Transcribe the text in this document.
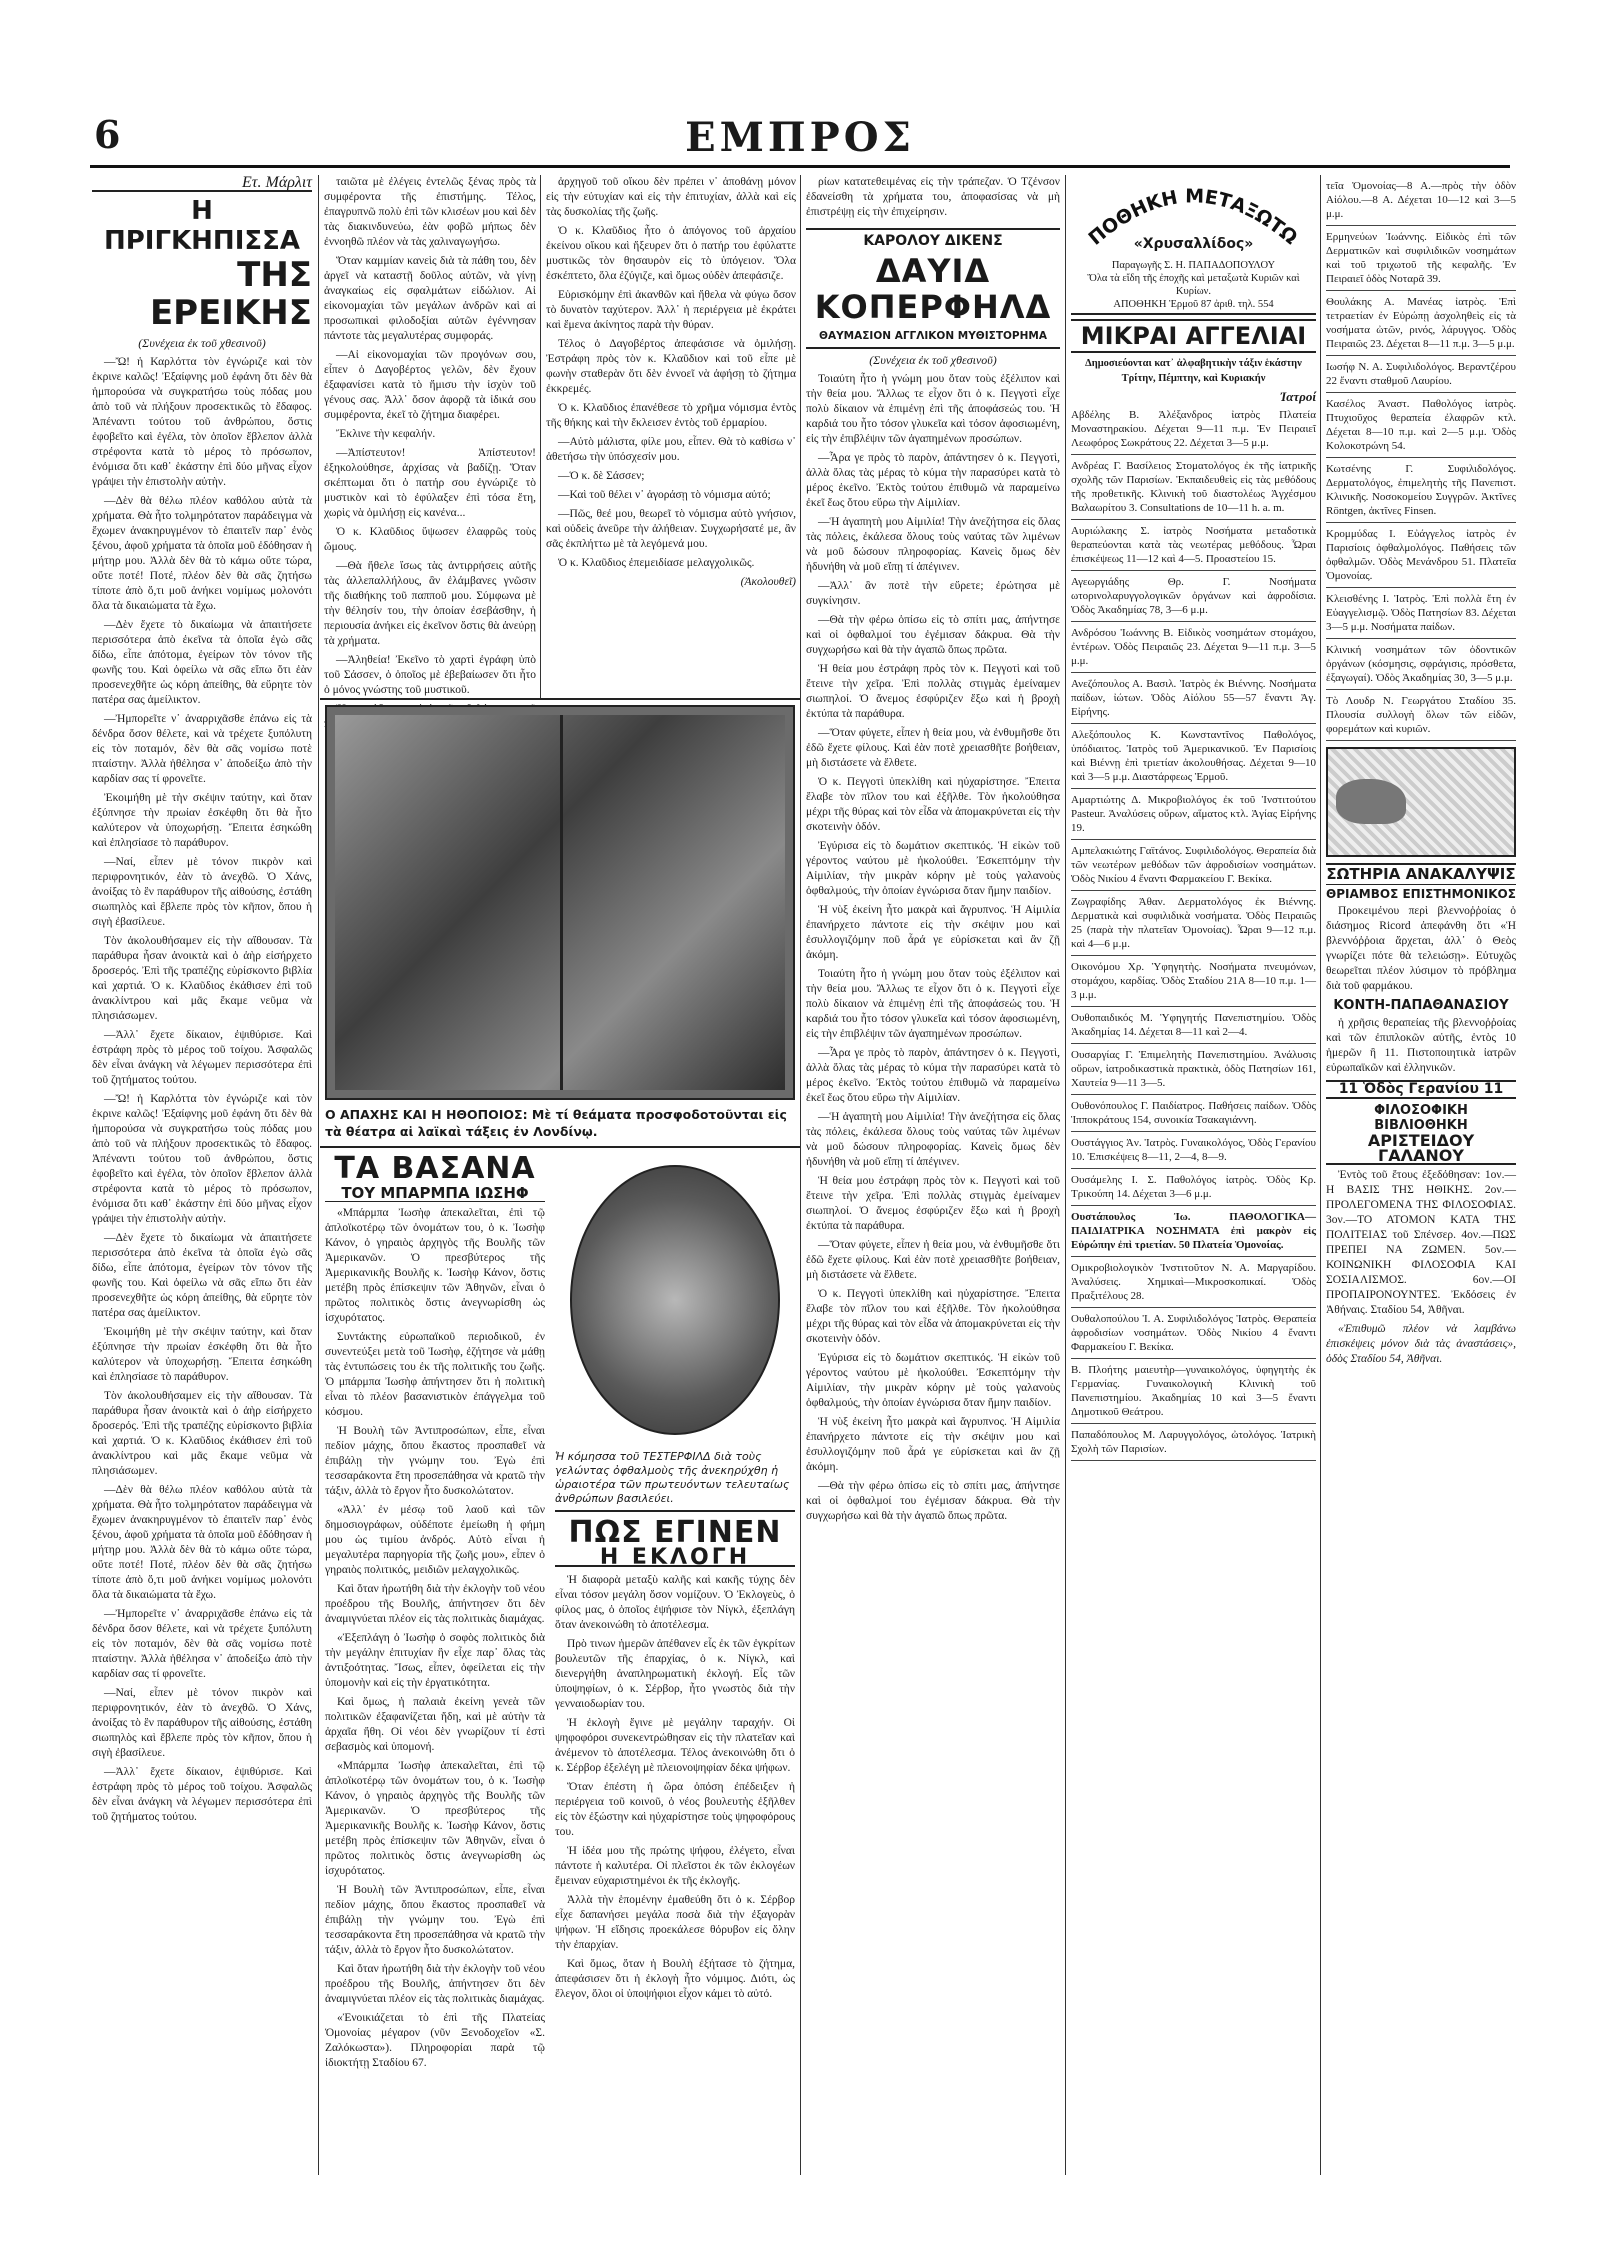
6	ΕΜΠΡΟΣ
Ετ. Μάρλιτ
Η ΠΡΙΓΚΗΠΙΣΣΑ
ΤΗΣ ΕΡΕΙΚΗΣ
(Συνέχεια ἐκ τοῦ χθεσινοῦ)

—Ὤ! ἡ Καρλόττα τὸν ἐγνώριζε καὶ τὸν ἐκρινε καλῶς! Ἐξαίφνης μοῦ ἐφάνη ὅτι δὲν θὰ ἠμπορούσα νὰ συγκρατήσω τοὺς πόδας μου ἀπὸ τοῦ νὰ πλήξουν προσεκτικῶς τὸ ἔδαφος. Ἀπέναντι τούτου τοῦ ἀνθρώπου, ὅστις ἐφοβεῖτο καὶ ἐγέλα, τὸν ὁποῖον ἔβλεπον ἀλλὰ στρέφοντα κατὰ τὸ μέρος τὸ πρόσωπον, ἐνόμισα ὅτι καθ᾿ ἑκάστην ἐπὶ δύο μῆνας εἶχον γράψει τὴν ἐπιστολὴν αὐτὴν.

—Δὲν θὰ θέλω πλέον καθόλου αὐτὰ τὰ χρήματα. Θὰ ἦτο τολμηρότατον παράδειγμα νὰ ἔχωμεν ἀνακηρυγμένον τὸ ἐπαιτεῖν παρ᾿ ἐνὸς ξένου, ἀφοῦ χρήματα τὰ ὁποῖα μοῦ ἐδόθησαν ἡ μήτηρ μου. Ἀλλὰ δὲν θὰ τὸ κάμω οὔτε τώρα, οὔτε ποτέ! Ποτέ, πλέον δὲν θὰ σᾶς ζητήσω τίποτε ἀπὸ ὅ,τι μοῦ ἀνήκει νομίμως μολονότι ὅλα τὰ δικαιώματα τὰ ἔχω.

—Δὲν ἔχετε τὸ δικαίωμα νὰ ἀπαιτήσετε περισσότερα ἀπὸ ἐκεῖνα τὰ ὁποῖα ἐγὼ σᾶς δίδω, εἶπε ἀπότομα, ἐγείρων τὸν τόνον τῆς φωνῆς του. Καὶ ὀφείλω νὰ σᾶς εἴπω ὅτι ἐὰν προσενεχθῆτε ὡς κόρη ἀπείθης, θὰ εὕρητε τὸν πατέρα σας ἀμείλικτον.

—Ἠμπορεῖτε ν᾿ ἀναρριχᾶσθε ἐπάνω εἰς τὰ δένδρα ὅσον θέλετε, καὶ νὰ τρέχετε ξυπόλυτη εἰς τὸν ποταμόν, δὲν θὰ σᾶς νομίσω ποτὲ πταίστην. Ἀλλὰ ἠθέλησα ν᾿ ἀποδείξω ἀπὸ τὴν καρδίαν σας τί φρονεῖτε.

Ἐκοιμήθη μὲ τὴν σκέψιν ταύτην, καὶ ὅταν ἐξύπνησε τὴν πρωίαν ἐσκέφθη ὅτι θὰ ἦτο καλύτερον νὰ ὑποχωρήσῃ. Ἔπειτα ἐσηκώθη καὶ ἐπλησίασε τὸ παράθυρον.

—Ναί, εἶπεν μὲ τόνον πικρὸν καὶ περιφρονητικόν, ἐὰν τὸ ἀνεχθῶ. Ὁ Χάνς, ἀνοίξας τὸ ἓν παράθυρον τῆς αἰθούσης, ἐστάθη σιωπηλὸς καὶ ἔβλεπε πρὸς τὸν κῆπον, ὅπου ἡ σιγὴ ἐβασίλευε.

Τὸν ἀκολουθήσαμεν εἰς τὴν αἴθουσαν. Τὰ παράθυρα ἦσαν ἀνοικτὰ καὶ ὁ ἀὴρ εἰσήρχετο δροσερός. Ἐπὶ τῆς τραπέζης εὑρίσκοντο βιβλία καὶ χαρτιά. Ὁ κ. Κλαῦδιος ἐκάθισεν ἐπὶ τοῦ ἀνακλίντρου καὶ μᾶς ἔκαμε νεῦμα νὰ πλησιάσωμεν.

—Ἀλλ᾿ ἔχετε δίκαιον, ἐψιθύρισε. Καὶ ἐστράφη πρὸς τὸ μέρος τοῦ τοίχου. Ἀσφαλῶς δὲν εἶναι ἀνάγκη νὰ λέγωμεν περισσότερα ἐπὶ τοῦ ζητήματος τούτου.

—Ὤ! ἡ Καρλόττα τὸν ἐγνώριζε καὶ τὸν ἐκρινε καλῶς! Ἐξαίφνης μοῦ ἐφάνη ὅτι δὲν θὰ ἠμπορούσα νὰ συγκρατήσω τοὺς πόδας μου ἀπὸ τοῦ νὰ πλήξουν προσεκτικῶς τὸ ἔδαφος. Ἀπέναντι τούτου τοῦ ἀνθρώπου, ὅστις ἐφοβεῖτο καὶ ἐγέλα, τὸν ὁποῖον ἔβλεπον ἀλλὰ στρέφοντα κατὰ τὸ μέρος τὸ πρόσωπον, ἐνόμισα ὅτι καθ᾿ ἑκάστην ἐπὶ δύο μῆνας εἶχον γράψει τὴν ἐπιστολὴν αὐτὴν.

—Δὲν ἔχετε τὸ δικαίωμα νὰ ἀπαιτήσετε περισσότερα ἀπὸ ἐκεῖνα τὰ ὁποῖα ἐγὼ σᾶς δίδω, εἶπε ἀπότομα, ἐγείρων τὸν τόνον τῆς φωνῆς του. Καὶ ὀφείλω νὰ σᾶς εἴπω ὅτι ἐὰν προσενεχθῆτε ὡς κόρη ἀπείθης, θὰ εὕρητε τὸν πατέρα σας ἀμείλικτον.

Ἐκοιμήθη μὲ τὴν σκέψιν ταύτην, καὶ ὅταν ἐξύπνησε τὴν πρωίαν ἐσκέφθη ὅτι θὰ ἦτο καλύτερον νὰ ὑποχωρήσῃ. Ἔπειτα ἐσηκώθη καὶ ἐπλησίασε τὸ παράθυρον.

Τὸν ἀκολουθήσαμεν εἰς τὴν αἴθουσαν. Τὰ παράθυρα ἦσαν ἀνοικτὰ καὶ ὁ ἀὴρ εἰσήρχετο δροσερός. Ἐπὶ τῆς τραπέζης εὑρίσκοντο βιβλία καὶ χαρτιά. Ὁ κ. Κλαῦδιος ἐκάθισεν ἐπὶ τοῦ ἀνακλίντρου καὶ μᾶς ἔκαμε νεῦμα νὰ πλησιάσωμεν.

—Δὲν θὰ θέλω πλέον καθόλου αὐτὰ τὰ χρήματα. Θὰ ἦτο τολμηρότατον παράδειγμα νὰ ἔχωμεν ἀνακηρυγμένον τὸ ἐπαιτεῖν παρ᾿ ἐνὸς ξένου, ἀφοῦ χρήματα τὰ ὁποῖα μοῦ ἐδόθησαν ἡ μήτηρ μου. Ἀλλὰ δὲν θὰ τὸ κάμω οὔτε τώρα, οὔτε ποτέ! Ποτέ, πλέον δὲν θὰ σᾶς ζητήσω τίποτε ἀπὸ ὅ,τι μοῦ ἀνήκει νομίμως μολονότι ὅλα τὰ δικαιώματα τὰ ἔχω.

—Ἠμπορεῖτε ν᾿ ἀναρριχᾶσθε ἐπάνω εἰς τὰ δένδρα ὅσον θέλετε, καὶ νὰ τρέχετε ξυπόλυτη εἰς τὸν ποταμόν, δὲν θὰ σᾶς νομίσω ποτὲ πταίστην. Ἀλλὰ ἠθέλησα ν᾿ ἀποδείξω ἀπὸ τὴν καρδίαν σας τί φρονεῖτε.

—Ναί, εἶπεν μὲ τόνον πικρὸν καὶ περιφρονητικόν, ἐὰν τὸ ἀνεχθῶ. Ὁ Χάνς, ἀνοίξας τὸ ἓν παράθυρον τῆς αἰθούσης, ἐστάθη σιωπηλὸς καὶ ἔβλεπε πρὸς τὸν κῆπον, ὅπου ἡ σιγὴ ἐβασίλευε.

—Ἀλλ᾿ ἔχετε δίκαιον, ἐψιθύρισε. Καὶ ἐστράφη πρὸς τὸ μέρος τοῦ τοίχου. Ἀσφαλῶς δὲν εἶναι ἀνάγκη νὰ λέγωμεν περισσότερα ἐπὶ τοῦ ζητήματος τούτου.

ταιῶτα μὲ ἐλέγεις ἐντελῶς ξένας πρὸς τὰ συμφέροντα τῆς ἐπιστήμης. Τέλος, ἐπαγρυπνῶ πολὺ ἐπὶ τῶν κλισέων μου καὶ δὲν τὰς διακινδυνεύω, ἐὰν φοβῶ μήπως δὲν ἐννοηθῶ πλέον νὰ τὰς χαλιναγωγήσω.

Ὅταν καμμίαν κανεὶς διὰ τὰ πάθη του, δὲν ἀργεῖ νὰ καταστῇ δοῦλος αὐτῶν, νὰ γίνῃ ἀναγκαίως εἰς σφαλμάτων εἰδώλιον. Αἱ εἰκονομαχίαι τῶν μεγάλων ἀνδρῶν καὶ αἱ προσωπικαὶ φιλοδοξίαι αὐτῶν ἐγέννησαν πάντοτε τὰς μεγαλυτέρας συμφοράς.

—Αἱ εἰκονομαχίαι τῶν προγόνων σου, εἶπεν ὁ Δαγοβέρτος γελῶν, δὲν ἔχουν ἐξαφανίσει κατὰ τὸ ἥμισυ τὴν ἰσχὺν τοῦ γένους σας. Ἀλλ᾿ ὅσον ἀφορᾷ τὰ ἰδικά σου συμφέροντα, ἐκεῖ τὸ ζήτημα διαφέρει.

Ἔκλινε τὴν κεφαλήν.

—Ἀπίστευτον! Ἀπίστευτον! ἐξηκολούθησε, ἀρχίσας νὰ βαδίζῃ. Ὅταν σκέπτωμαι ὅτι ὁ πατήρ σου ἐγνώριζε τὸ μυστικὸν καὶ τὸ ἐφύλαξεν ἐπὶ τόσα ἔτη, χωρὶς νὰ ὁμιλήσῃ εἰς κανένα...

Ὁ κ. Κλαῦδιος ὕψωσεν ἐλαφρῶς τοὺς ὤμους.

—Θὰ ἤθελε ἴσως τὰς ἀντιρρήσεις αὐτῆς τὰς ἀλλεπαλλήλους, ἂν ἐλάμβανες γνῶσιν τῆς διαθήκης τοῦ παπποῦ μου. Σύμφωνα μὲ τὴν θέλησίν του, τὴν ὁποίαν ἐσεβάσθην, ἡ περιουσία ἀνήκει εἰς ἐκεῖνον ὅστις θὰ ἀνεύρῃ τὰ χρήματα.

—Ἀληθεία! Ἐκεῖνο τὸ χαρτὶ ἐγράφη ὑπὸ τοῦ Σάσσεν, ὁ ὁποῖος μὲ ἐβεβαίωσεν ὅτι ἦτο ὁ μόνος γνώστης τοῦ μυστικοῦ.

ἀρχηγοῦ τοῦ οἴκου δὲν πρέπει ν᾿ ἀποθάνῃ μόνον εἰς τὴν εὐτυχίαν καὶ εἰς τὴν ἐπιτυχίαν, ἀλλὰ καὶ εἰς τὰς δυσκολίας τῆς ζωῆς.

Ὁ κ. Κλαῦδιος ἦτο ὁ ἀπόγονος τοῦ ἀρχαίου ἐκείνου οἴκου καὶ ἤξευρεν ὅτι ὁ πατήρ του ἐφύλαττε μυστικῶς τὸν θησαυρὸν εἰς τὸ ὑπόγειον. Ὅλα ἐσκέπτετο, ὅλα ἐζύγιζε, καὶ ὅμως οὐδὲν ἀπεφάσιζε.

Εὑρισκόμην ἐπὶ ἀκανθῶν καὶ ἤθελα νὰ φύγω ὅσον τὸ δυνατὸν ταχύτερον. Ἀλλ᾿ ἡ περιέργεια μὲ ἐκράτει καὶ ἔμενα ἀκίνητος παρὰ τὴν θύραν.

Τέλος ὁ Δαγοβέρτος ἀπεφάσισε νὰ ὁμιλήσῃ. Ἐστράφη πρὸς τὸν κ. Κλαῦδιον καὶ τοῦ εἶπε μὲ φωνὴν σταθερὰν ὅτι δὲν ἐννοεῖ νὰ ἀφήσῃ τὸ ζήτημα ἐκκρεμές.

Ὁ κ. Κλαῦδιος ἐπανέθεσε τὸ χρῆμα νόμισμα ἐντὸς τῆς θήκης καὶ τὴν ἔκλεισεν ἐντὸς τοῦ ἐρμαρίου.

—Αὐτὸ μάλιστα, φίλε μου, εἶπεν. Θὰ τὸ καθίσω ν᾿ ἀθετήσω τὴν ὑπόσχεσίν μου.

—Ὁ κ. δὲ Σάσσεν;

—Καὶ τοῦ θέλει ν᾿ ἀγοράσῃ τὸ νόμισμα αὐτό;

—Πῶς, θεέ μου, θεωρεῖ τὸ νόμισμα αὐτὸ γνήσιον, καὶ οὐδεὶς ἀνεῦρε τὴν ἀλήθειαν. Συγχωρήσατέ με, ἂν σᾶς ἐκπλήττω μὲ τὰ λεγόμενά μου.

Ὁ κ. Κλαῦδιος ἐπεμειδίασε μελαγχολικῶς.

(Ἀκολουθεῖ)
Ο ΑΠΑΧΗΣ ΚΑΙ Η ΗΘΟΠΟΙΟΣ: Μὲ τί θεάματα προσφοδοτοῦνται εἰς τὰ θέατρα αἱ λαϊκαὶ τάξεις ἐν Λονδίνῳ.
ΤΑ ΒΑΣΑΝΑ
ΤΟΥ ΜΠΑΡΜΠΑ ΙΩΣΗΦ

«Μπάρμπα Ἰωσὴφ ἀπεκαλεῖται, ἐπὶ τῷ ἀπλοϊκοτέρῳ τῶν ὀνομάτων του, ὁ κ. Ἰωσὴφ Κάνον, ὁ γηραιὸς ἀρχηγὸς τῆς Βουλῆς τῶν Ἀμερικανῶν. Ὁ πρεσβύτερος τῆς Ἀμερικανικῆς Βουλῆς κ. Ἰωσὴφ Κάνον, ὅστις μετέβη πρὸς ἐπίσκεψιν τῶν Ἀθηνῶν, εἶναι ὁ πρῶτος πολιτικὸς ὅστις ἀνεγνωρίσθη ὡς ἰσχυρότατος.

Συντάκτης εὐρωπαϊκοῦ περιοδικοῦ, ἐν συνεντεύξει μετὰ τοῦ Ἰωσὴφ, ἐζήτησε νὰ μάθῃ τὰς ἐντυπώσεις του ἐκ τῆς πολιτικῆς του ζωῆς. Ὁ μπάρμπα Ἰωσὴφ ἀπήντησεν ὅτι ἡ πολιτικὴ εἶναι τὸ πλέον βασανιστικὸν ἐπάγγελμα τοῦ κόσμου.

Ἡ Βουλὴ τῶν Ἀντιπροσώπων, εἶπε, εἶναι πεδίον μάχης, ὅπου ἕκαστος προσπαθεῖ νὰ ἐπιβάλῃ τὴν γνώμην του. Ἐγὼ ἐπὶ τεσσαράκοντα ἔτη προσεπάθησα νὰ κρατῶ τὴν τάξιν, ἀλλὰ τὸ ἔργον ἦτο δυσκολώτατον.

«Ἀλλ᾿ ἐν μέσῳ τοῦ λαοῦ καὶ τῶν δημοσιογράφων, οὐδέποτε ἐμείωθη ἡ φήμη μου ὡς τιμίου ἀνδρός. Αὐτὸ εἶναι ἡ μεγαλυτέρα παρηγορία τῆς ζωῆς μου», εἶπεν ὁ γηραιὸς πολιτικός, μειδιῶν μελαγχολικῶς.

Καὶ ὅταν ἠρωτήθη διὰ τὴν ἐκλογὴν τοῦ νέου προέδρου τῆς Βουλῆς, ἀπήντησεν ὅτι δὲν ἀναμιγνύεται πλέον εἰς τὰς πολιτικὰς διαμάχας.

«Ἐξεπλάγη ὁ Ἰωσὴφ ὁ σοφὸς πολιτικὸς διὰ τὴν μεγάλην ἐπιτυχίαν ἣν εἶχε παρ᾿ ὅλας τὰς ἀντιξοότητας. Ἴσως, εἶπεν, ὀφείλεται εἰς τὴν ὑπομονὴν καὶ εἰς τὴν ἐργατικότητα.

Καὶ ὅμως, ἡ παλαιὰ ἐκείνη γενεὰ τῶν πολιτικῶν ἐξαφανίζεται ἤδη, καὶ μὲ αὐτὴν τὰ ἀρχαῖα ἤθη. Οἱ νέοι δὲν γνωρίζουν τί ἐστὶ σεβασμὸς καὶ ὑπομονή.

«Μπάρμπα Ἰωσὴφ ἀπεκαλεῖται, ἐπὶ τῷ ἀπλοϊκοτέρῳ τῶν ὀνομάτων του, ὁ κ. Ἰωσὴφ Κάνον, ὁ γηραιὸς ἀρχηγὸς τῆς Βουλῆς τῶν Ἀμερικανῶν. Ὁ πρεσβύτερος τῆς Ἀμερικανικῆς Βουλῆς κ. Ἰωσὴφ Κάνον, ὅστις μετέβη πρὸς ἐπίσκεψιν τῶν Ἀθηνῶν, εἶναι ὁ πρῶτος πολιτικὸς ὅστις ἀνεγνωρίσθη ὡς ἰσχυρότατος.

Ἡ Βουλὴ τῶν Ἀντιπροσώπων, εἶπε, εἶναι πεδίον μάχης, ὅπου ἕκαστος προσπαθεῖ νὰ ἐπιβάλῃ τὴν γνώμην του. Ἐγὼ ἐπὶ τεσσαράκοντα ἔτη προσεπάθησα νὰ κρατῶ τὴν τάξιν, ἀλλὰ τὸ ἔργον ἦτο δυσκολώτατον.

Καὶ ὅταν ἠρωτήθη διὰ τὴν ἐκλογὴν τοῦ νέου προέδρου τῆς Βουλῆς, ἀπήντησεν ὅτι δὲν ἀναμιγνύεται πλέον εἰς τὰς πολιτικὰς διαμάχας.

«Ἐνοικιάζεται τὸ ἐπὶ τῆς Πλατείας Ὁμονοίας μέγαρον (νῦν Ξενοδοχεῖον «Σ. Ζαλόκωστα»). Πληροφορίαι παρὰ τῷ ἰδιοκτήτῃ Σταδίου 67.

Ἡ κόμησσα τοῦ ΤΕΣΤΕΡΦΙΛΔ διὰ τοὺς γελώντας ὀφθαλμοὺς τῆς ἀνεκηρύχθη ἡ ὡραιοτέρα τῶν πρωτευόντων τελευταίως ἀνθρώπων βασιλεύει.
ΠΩΣ ΕΓΙΝΕΝ
Η ΕΚΛΟΓΗ

Ἡ διαφορὰ μεταξὺ καλῆς καὶ κακῆς τύχης δὲν εἶναι τόσον μεγάλη ὅσον νομίζουν. Ὁ Ἐκλογεὺς, ὁ φίλος μας, ὁ ὁποῖος ἐψήφισε τὸν Νίγκλ, ἐξεπλάγη ὅταν ἀνεκοινώθη τὸ ἀποτέλεσμα.

Πρὸ τινων ἡμερῶν ἀπέθανεν εἷς ἐκ τῶν ἐγκρίτων βουλευτῶν τῆς ἐπαρχίας, ὁ κ. Νίγκλ, καὶ διενεργήθη ἀναπληρωματικὴ ἐκλογή. Εἷς τῶν ὑποψηφίων, ὁ κ. Σέρβορ, ἦτο γνωστὸς διὰ τὴν γενναιοδωρίαν του.

Ἡ ἐκλογὴ ἔγινε μὲ μεγάλην ταραχήν. Οἱ ψηφοφόροι συνεκεντρώθησαν εἰς τὴν πλατεῖαν καὶ ἀνέμενον τὸ ἀποτέλεσμα. Τέλος ἀνεκοινώθη ὅτι ὁ κ. Σέρβορ ἐξελέγη μὲ πλειονοψηφίαν δέκα ψήφων.

Ὅταν ἐπέστη ἡ ὥρα ὁπόση ἐπέδειξεν ἡ περιέργεια τοῦ κοινοῦ, ὁ νέος βουλευτὴς ἐξῆλθεν εἰς τὸν ἐξώστην καὶ ηὐχαρίστησε τοὺς ψηφοφόρους του.

Ἡ ἰδέα μου τῆς πρώτης ψήφου, ἐλέγετο, εἶναι πάντοτε ἡ καλυτέρα. Οἱ πλεῖστοι ἐκ τῶν ἐκλογέων ἔμειναν εὐχαριστημένοι ἐκ τῆς ἐκλογῆς.

Ἀλλὰ τὴν ἑπομένην ἐμαθεύθη ὅτι ὁ κ. Σέρβορ εἶχε δαπανήσει μεγάλα ποσὰ διὰ τὴν ἐξαγορὰν ψήφων. Ἡ εἴδησις προεκάλεσε θόρυβον εἰς ὅλην τὴν ἐπαρχίαν.

Καὶ ὅμως, ὅταν ἡ Βουλὴ ἐξήτασε τὸ ζήτημα, ἀπεφάσισεν ὅτι ἡ ἐκλογὴ ἦτο νόμιμος. Διότι, ὡς ἔλεγον, ὅλοι οἱ ὑποψήφιοι εἶχον κάμει τὸ αὐτό.

ρίων κατατεθειμένας εἰς τὴν τράπεζαν. Ὁ Τζένσον ἐδανείσθη τὰ χρήματα του, ἀποφασίσας νὰ μὴ ἐπιστρέψῃ εἰς τὴν ἐπιχείρησιν.

ΚΑΡΟΛΟΥ ΔΙΚΕΝΣ
ΔΑΥΙΔ ΚΟΠΕΡΦΗΛΔ
ΘΑΥΜΑΣΙΟΝ ΑΓΓΛΙΚΟΝ ΜΥΘΙΣΤΟΡΗΜΑ
(Συνέχεια ἐκ τοῦ χθεσινοῦ)

Τοιαύτη ἦτο ἡ γνώμη μου ὅταν τοὺς ἐξέλιπον καὶ τὴν θεία μου. Ἄλλως τε εἶχον ὅτι ὁ κ. Πεγγοτὶ εἶχε πολὺ δίκαιον νὰ ἐπιμένῃ ἐπὶ τῆς ἀποφάσεώς του. Ἡ καρδιά του ἦτο τόσον γλυκεῖα καὶ τόσον ἀφοσιωμένη, εἰς τὴν ἐπιβλέψιν τῶν ἀγαπημένων προσώπων.

—Ἆρα γε πρὸς τὸ παρὸν, ἀπάντησεν ὁ κ. Πεγγοτὶ, ἀλλὰ ὅλας τὰς μέρας τὸ κύμα τὴν παρασύρει κατὰ τὸ μέρος ἐκεῖνο. Ἐκτὸς τούτου ἐπιθυμῶ νὰ παραμείνω ἐκεῖ ἕως ὅτου εὕρω τὴν Αἰμιλίαν.

—Ἡ ἀγαπητὴ μου Αἰμιλία! Τὴν ἀνεζήτησα εἰς ὅλας τὰς πόλεις, ἐκάλεσα ὅλους τοὺς ναύτας τῶν λιμένων νὰ μοῦ δώσουν πληροφορίας. Κανεὶς ὅμως δὲν ἠδυνήθη νὰ μοῦ εἴπῃ τί ἀπέγινεν.

—Ἀλλ᾿ ἂν ποτὲ τὴν εὕρετε; ἐρώτησα μὲ συγκίνησιν.

—Θὰ τὴν φέρω ὀπίσω εἰς τὸ σπίτι μας, ἀπήντησε καὶ οἱ ὀφθαλμοί του ἐγέμισαν δάκρυα. Θὰ τὴν συγχωρήσω καὶ θὰ τὴν ἀγαπῶ ὅπως πρῶτα.

Ἡ θεία μου ἐστράφη πρὸς τὸν κ. Πεγγοτὶ καὶ τοῦ ἔτεινε τὴν χεῖρα. Ἐπὶ πολλὰς στιγμὰς ἐμείναμεν σιωπηλοί. Ὁ ἄνεμος ἐσφύριζεν ἔξω καὶ ἡ βροχὴ ἐκτύπα τὰ παράθυρα.

—Ὅταν φύγετε, εἶπεν ἡ θεία μου, νὰ ἐνθυμῆσθε ὅτι ἐδῶ ἔχετε φίλους. Καὶ ἐὰν ποτὲ χρειασθῆτε βοήθειαν, μὴ διστάσετε νὰ ἔλθετε.

Ὁ κ. Πεγγοτὶ ὑπεκλίθη καὶ ηὐχαρίστησε. Ἔπειτα ἔλαβε τὸν πῖλον του καὶ ἐξῆλθε. Τὸν ἠκολούθησα μέχρι τῆς θύρας καὶ τὸν εἶδα νὰ ἀπομακρύνεται εἰς τὴν σκοτεινὴν ὁδόν.

Ἐγύρισα εἰς τὸ δωμάτιον σκεπτικός. Ἡ εἰκὼν τοῦ γέροντος ναύτου μὲ ἠκολούθει. Ἐσκεπτόμην τὴν Αἰμιλίαν, τὴν μικρὰν κόρην μὲ τοὺς γαλανοὺς ὀφθαλμούς, τὴν ὁποίαν ἐγνώρισα ὅταν ἤμην παιδίον.

Ἡ νὺξ ἐκείνη ἦτο μακρὰ καὶ ἄγρυπνος. Ἡ Αἰμιλία ἐπανήρχετο πάντοτε εἰς τὴν σκέψιν μου καὶ ἐσυλλογιζόμην ποῦ ἆρά γε εὑρίσκεται καὶ ἂν ζῇ ἀκόμη.

Τοιαύτη ἦτο ἡ γνώμη μου ὅταν τοὺς ἐξέλιπον καὶ τὴν θεία μου. Ἄλλως τε εἶχον ὅτι ὁ κ. Πεγγοτὶ εἶχε πολὺ δίκαιον νὰ ἐπιμένῃ ἐπὶ τῆς ἀποφάσεώς του. Ἡ καρδιά του ἦτο τόσον γλυκεῖα καὶ τόσον ἀφοσιωμένη, εἰς τὴν ἐπιβλέψιν τῶν ἀγαπημένων προσώπων.

—Ἆρα γε πρὸς τὸ παρὸν, ἀπάντησεν ὁ κ. Πεγγοτὶ, ἀλλὰ ὅλας τὰς μέρας τὸ κύμα τὴν παρασύρει κατὰ τὸ μέρος ἐκεῖνο. Ἐκτὸς τούτου ἐπιθυμῶ νὰ παραμείνω ἐκεῖ ἕως ὅτου εὕρω τὴν Αἰμιλίαν.

—Ἡ ἀγαπητὴ μου Αἰμιλία! Τὴν ἀνεζήτησα εἰς ὅλας τὰς πόλεις, ἐκάλεσα ὅλους τοὺς ναύτας τῶν λιμένων νὰ μοῦ δώσουν πληροφορίας. Κανεὶς ὅμως δὲν ἠδυνήθη νὰ μοῦ εἴπῃ τί ἀπέγινεν.

Ἡ θεία μου ἐστράφη πρὸς τὸν κ. Πεγγοτὶ καὶ τοῦ ἔτεινε τὴν χεῖρα. Ἐπὶ πολλὰς στιγμὰς ἐμείναμεν σιωπηλοί. Ὁ ἄνεμος ἐσφύριζεν ἔξω καὶ ἡ βροχὴ ἐκτύπα τὰ παράθυρα.

—Ὅταν φύγετε, εἶπεν ἡ θεία μου, νὰ ἐνθυμῆσθε ὅτι ἐδῶ ἔχετε φίλους. Καὶ ἐὰν ποτὲ χρειασθῆτε βοήθειαν, μὴ διστάσετε νὰ ἔλθετε.

Ὁ κ. Πεγγοτὶ ὑπεκλίθη καὶ ηὐχαρίστησε. Ἔπειτα ἔλαβε τὸν πῖλον του καὶ ἐξῆλθε. Τὸν ἠκολούθησα μέχρι τῆς θύρας καὶ τὸν εἶδα νὰ ἀπομακρύνεται εἰς τὴν σκοτεινὴν ὁδόν.

Ἐγύρισα εἰς τὸ δωμάτιον σκεπτικός. Ἡ εἰκὼν τοῦ γέροντος ναύτου μὲ ἠκολούθει. Ἐσκεπτόμην τὴν Αἰμιλίαν, τὴν μικρὰν κόρην μὲ τοὺς γαλανοὺς ὀφθαλμούς, τὴν ὁποίαν ἐγνώρισα ὅταν ἤμην παιδίον.

Ἡ νὺξ ἐκείνη ἦτο μακρὰ καὶ ἄγρυπνος. Ἡ Αἰμιλία ἐπανήρχετο πάντοτε εἰς τὴν σκέψιν μου καὶ ἐσυλλογιζόμην ποῦ ἆρά γε εὑρίσκεται καὶ ἂν ζῇ ἀκόμη.

—Θὰ τὴν φέρω ὀπίσω εἰς τὸ σπίτι μας, ἀπήντησε καὶ οἱ ὀφθαλμοί του ἐγέμισαν δάκρυα. Θὰ τὴν συγχωρήσω καὶ θὰ τὴν ἀγαπῶ ὅπως πρῶτα.

ΠΟΘΗΚΗ ΜΕΤΑΞΩΤΩ
«Χρυσαλλίδος»
Παραγωγῆς Σ. Η. ΠΑΠΑΔΟΠΟΥΛΟΥ
Ὅλα τὰ εἴδη τῆς ἐποχῆς καὶ μεταξωτὰ Κυριῶν καὶ Κυρίων.
ΑΠΟΘΗΚΗ Ἑρμοῦ 87 ἀριθ. τηλ. 554
ΜΙΚΡΑΙ ΑΓΓΕΛΙΑΙ
Δημοσιεύονται κατ᾿ ἀλφαβητικὴν τάξιν ἑκάστην Τρίτην, Πέμπτην, καὶ Κυριακήν
Ἰατροί
Αβδέλης Β. Ἀλέξανδρος ἰατρὸς Πλατεία Μοναστηρακίου. Δέχεται 9—11 π.μ. Ἐν Πειραιεῖ Λεωφόρος Σωκράτους 22. Δέχεται 3—5 μ.μ.
Ανδρέας Γ. Βασίλειος Στοματολόγος ἐκ τῆς ἰατρικῆς σχολῆς τῶν Παρισίων. Ἐκπαιδευθεὶς εἰς τὰς μεθόδους τῆς προθετικῆς. Κλινικὴ τοῦ διαστολέως Ἀγχέσμου Βαλαωρίτου 3. Consultations de 10—11 h. a. m.
Αυριώλακης Σ. ἰατρὸς Νοσήματα μεταδοτικὰ θεραπεύονται κατὰ τὰς νεωτέρας μεθόδους. Ὧραι ἐπισκέψεως 11—12 καὶ 4—5. Προαστείου 15.
Αγεωργιάδης Θρ. Γ. Νοσήματα ωτορινολαρυγγολογικῶν ὀργάνων καὶ ἀφροδίσια. Ὁδὸς Ἀκαδημίας 78, 3—6 μ.μ.
Ανδρόσου Ἰωάννης Β. Εἰδικὸς νοσημάτων στομάχου, ἐντέρων. Ὁδὸς Πειραιῶς 23. Δέχεται 9—11 π.μ. 3—5 μ.μ.
Ανεζόπουλος Α. Βασιλ. Ἰατρὸς ἐκ Βιέννης. Νοσήματα παίδων, ἰώτων. Ὁδὸς Αἰόλου 55—57 ἔναντι Ἁγ. Εἰρήνης.
Αλεξόπουλος Κ. Κωνσταντῖνος Παθολόγος, ὑπόδιαιτος. Ἰατρὸς τοῦ Ἀμερικανικοῦ. Ἐν Παρισίοις καὶ Βιέννῃ ἐπὶ τριετίαν ἀκολουθήσας. Δέχεται 9—10 καὶ 3—5 μ.μ. Διαστάρφεως Ἑρμοῦ.
Αμαρτιώτης Δ. Μικροβιολόγος ἐκ τοῦ Ἰνστιτούτου Pasteur. Ἀναλύσεις οὔρων, αἵματος κτλ. Ἁγίας Εἰρήνης 19.
Αμπελακιώτης Γαϊτάνος. Συφιλιδολόγος. Θεραπεία διὰ τῶν νεωτέρων μεθόδων τῶν ἀφροδισίων νοσημάτων. Ὁδὸς Νικίου 4 ἔναντι Φαρμακείου Γ. Βεκίκα.
Ζωγραφίδης Ἀθαν. Δερματολόγος ἐκ Βιέννης. Δερματικὰ καὶ συφιλιδικὰ νοσήματα. Ὁδὸς Πειραιῶς 25 (παρὰ τὴν πλατεῖαν Ὁμονοίας). Ὧραι 9—12 π.μ. καὶ 4—6 μ.μ.
Οικονόμου Χρ. Ὑφηγητὴς. Νοσήματα πνευμόνων, στομάχου, καρδίας. Ὁδὸς Σταδίου 21Α 8—10 π.μ. 1—3 μ.μ.
Ουθοπαιδικός Μ. Ὑφηγητής Πανεπιστημίου. Ὁδὸς Ἀκαδημίας 14. Δέχεται 8—11 καὶ 2—4.
Ουσαργίας Γ. Ἐπιμελητὴς Πανεπιστημίου. Ἀνάλυσις οὔρων, ἰατροδικαστικὰ πρακτικὰ, ὁδὸς Πατησίων 161, Χαυτεία 9—11 3—5.
Ουθονόπουλος Γ. Παιδίατρος. Παθήσεις παίδων. Ὁδὸς Ἱπποκράτους 154, συνοικία Τσακαγιάννη.
Ουστάγγιος Ἀν. Ἰατρὸς. Γυναικολόγος, Ὁδὸς Γερανίου 10. Ἐπισκέψεις 8—11, 2—4, 8—9.
Ουσάμελης Ι. Σ. Παθολόγος ἰατρὸς. Ὁδὸς Κρ. Τρικούπη 14. Δέχεται 3—6 μ.μ.
Ουστάπουλος Ἰω. ΠΑΘΟΛΟΓΙΚΑ—ΠΑΙΔΙΑΤΡΙΚΑ ΝΟΣΗΜΑΤΑ ἐπὶ μακρὸν εἰς Εὐρώπην ἐπὶ τριετίαν. 50 Πλατεία Ὁμονοίας.
Ομικροβιολογικὸν Ἰνστιτοῦτον Ν. Α. Μαργαρίδου. Ἀναλύσεις. Χημικαὶ—Μικροσκοπικαί. Ὁδὸς Πραξιτέλους 28.
Ουθαλοπούλου Ἰ. Α. Συφιλιδολόγος Ἰατρὸς. Θεραπεία ἀφροδισίων νοσημάτων. Ὁδὸς Νικίου 4 ἔναντι Φαρμακείου Γ. Βεκίκα.
Β. Πλοήτης μαιευτὴρ—γυναικολόγος, ὑφηγητὴς ἐκ Γερμανίας. Γυναικολογικὴ Κλινικὴ τοῦ Πανεπιστημίου. Ἀκαδημίας 10 καὶ 3—5 ἔναντι Δημοτικοῦ Θεάτρου.
Παπαδόπουλος Μ. Λαρυγγολόγος, ὠτολόγος. Ἰατρικὴ Σχολὴ τῶν Παρισίων.
τεῖα Ὁμονοίας—8 Α.—πρὸς τὴν ὁδὸν Αἰόλου.—8 Α. Δέχεται 10—12 καὶ 3—5 μ.μ.
Ερμηνεύων Ἰωάννης. Εἰδικὸς ἐπὶ τῶν Δερματικῶν καὶ συφιλιδικῶν νοσημάτων καὶ τοῦ τριχωτοῦ τῆς κεφαλῆς. Ἐν Πειραιεῖ ὁδὸς Νοταρᾶ 39.
Θουλάκης Α. Μανέας ἰατρὸς. Ἐπὶ τετραετίαν ἐν Εὐρώπῃ ἀσχοληθεὶς εἰς τὰ νοσήματα ὠτῶν, ρινός, λάρυγγος. Ὁδὸς Πειραιῶς 23. Δέχεται 8—11 π.μ. 3—5 μ.μ.
Ιωσήφ Ν. Α. Συφιλιδολόγος. Βεραντζέρου 22 ἔναντι σταθμοῦ Λαυρίου.
Κασέλος Ἀναστ. Παθολόγος ἰατρὸς. Πτυχιοῦχος θεραπεία ἐλαφρῶν κτλ. Δέχεται 8—10 π.μ. καὶ 2—5 μ.μ. Ὁδὸς Κολοκοτρώνη 54.
Κωτσένης Γ. Συφιλιδολόγος. Δερματολόγος, ἐπιμελητὴς τῆς Πανεπιστ. Κλινικῆς. Νοσοκομείου Συγγρῶν. Ἀκτῖνες Röntgen, ἀκτῖνες Finsen.
Κρομμύδας Ι. Εὐάγγελος ἰατρὸς ἐν Παρισίοις ὀφθαλμολόγος. Παθήσεις τῶν ὀφθαλμῶν. Ὁδὸς Μενάνδρου 51. Πλατεῖα Ὁμονοίας.
Κλεισθένης Ι. Ἰατρὸς. Ἐπὶ πολλὰ ἔτη ἐν Εὐαγγελισμῷ. Ὁδὸς Πατησίων 83. Δέχεται 3—5 μ.μ. Νοσήματα παίδων.
Κλινική νοσημάτων τῶν ὀδοντικῶν ὀργάνων (κόσμησις, σφράγισις, πρόσθετα, ἐξαγωγαί). Ὁδὸς Ἀκαδημίας 30, 3—5 μ.μ.
Τὸ Λουδρ Ν. Γεωργάτου Σταδίου 35. Πλουσία συλλογὴ ὅλων τῶν εἰδῶν, φορεμάτων καὶ κυριῶν.
ΣΩΤΗΡΙΑ ΑΝΑΚΑΛΥΨΙΣ
ΘΡΙΑΜΒΟΣ ΕΠΙΣΤΗΜΟΝΙΚΟΣ

Προκειμένου περὶ βλεννοῤῥοίας ὁ διάσημος Ricord ἀπεφάνθη ὅτι «Ἡ βλεννόῤῥοια ἄρχεται, ἀλλ᾿ ὁ Θεὸς γνωρίζει πότε θὰ τελειώσῃ». Εὐτυχῶς θεωρεῖται πλέον λύσιμον τὸ πρόβλημα διὰ τοῦ φαρμάκου.

ΚΟΝΤΗ-ΠΑΠΑΘΑΝΑΣΙΟΥ

ἡ χρῆσις θεραπείας τῆς βλεννοῤῥοίας καὶ τῶν ἐπιπλοκῶν αὐτῆς, ἐντὸς 10 ἡμερῶν ἢ 11. Πιστοποιητικὰ ἰατρῶν εὐρωπαϊκῶν καὶ ἑλληνικῶν.

11 Ὁδὸς Γερανίου 11
ΦΙΛΟΣΟΦΙΚΗ ΒΙΒΛΙΟΘΗΚΗ
ΑΡΙΣΤΕΙΔΟΥ ΓΑΛΑΝΟΥ

Ἐντὸς τοῦ ἔτους ἐξεδόθησαν: 1ον.—Η ΒΑΣΙΣ ΤΗΣ ΗΘΙΚΗΣ. 2ον.—ΠΡΟΛΕΓΟΜΕΝΑ ΤΗΣ ΦΙΛΟΣΟΦΙΑΣ. 3ον.—ΤΟ ΑΤΟΜΟΝ ΚΑΤΑ ΤΗΣ ΠΟΛΙΤΕΙΑΣ τοῦ Σπένσερ. 4ον.—ΠΩΣ ΠΡΕΠΕΙ ΝΑ ΖΩΜΕΝ. 5ον.—ΚΟΙΝΩΝΙΚΗ ΦΙΛΟΣΟΦΙΑ ΚΑΙ ΣΟΣΙΑΛΙΣΜΟΣ. 6ον.—ΟΙ ΠΡΟΠΑΙΡΟΝΟΥΝΤΕΣ. Ἐκδόσεις ἐν Ἀθήναις. Σταδίου 54, Ἀθῆναι.

«Ἐπιθυμῶ πλέον νὰ λαμβάνω ἐπισκέψεις μόνον διὰ τὰς ἀναστάσεις», ὁδὸς Σταδίου 54, Ἀθῆναι.
